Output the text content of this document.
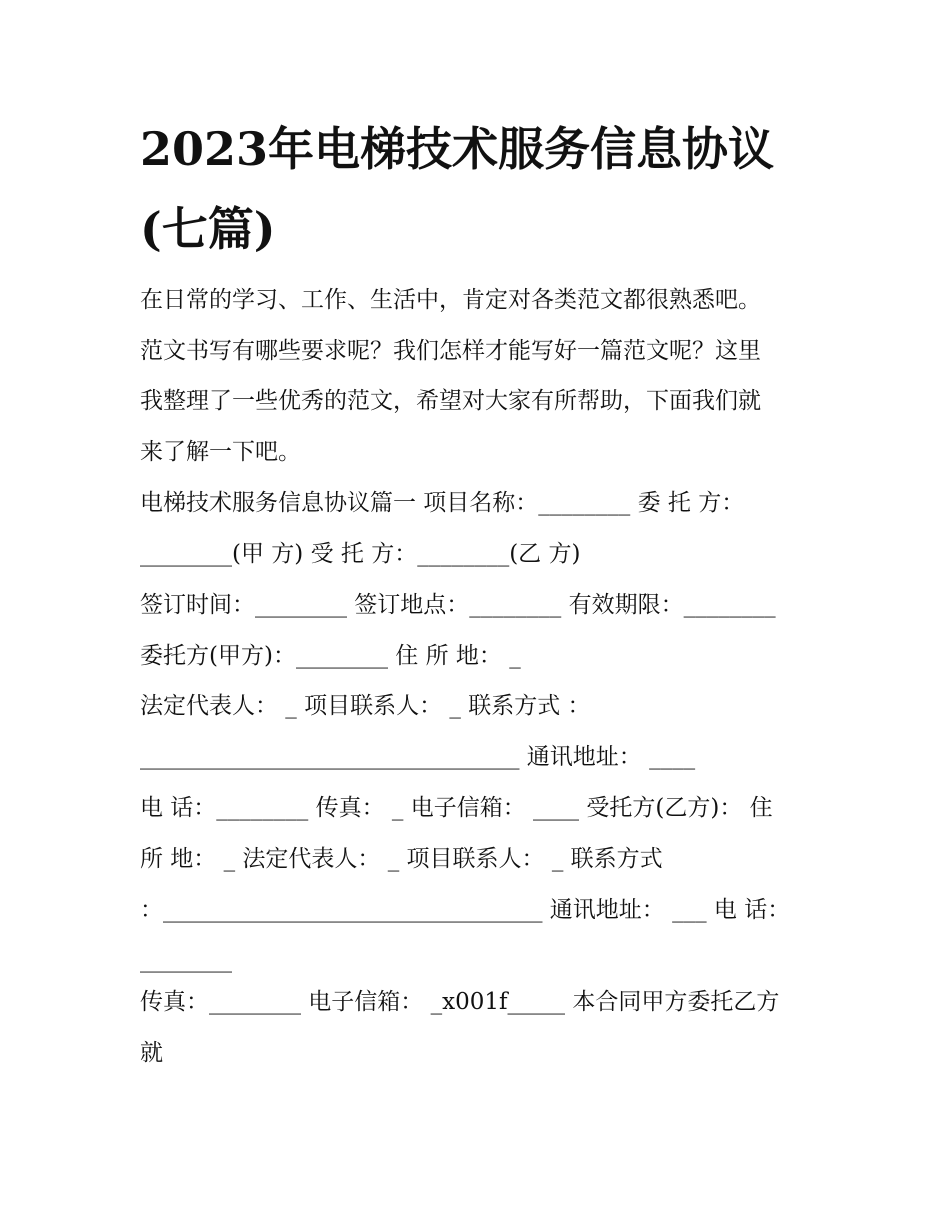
2023年电梯技术服务信息协议
(七篇)
在日常的学习、工作、生活中，肯定对各类范文都很熟悉吧。
范文书写有哪些要求呢？我们怎样才能写好一篇范文呢？这里
我整理了一些优秀的范文，希望对大家有所帮助，下面我们就
来了解一下吧。
电梯技术服务信息协议篇一 项目名称：________ 委 托 方：
________(甲 方) 受 托 方：________(乙 方)
签订时间：________ 签订地点：________ 有效期限：________
委托方(甲方)：________ 住 所 地： _
法定代表人： _ 项目联系人： _ 联系方式 ：
_________________________________ 通讯地址： ____
电 话：________ 传真： _ 电子信箱： ____ 受托方(乙方)： 住
所 地： _ 法定代表人： _ 项目联系人： _ 联系方式
：_________________________________ 通讯地址： ___ 电 话：
________
传真：________ 电子信箱： _x001f_____ 本合同甲方委托乙方
就
